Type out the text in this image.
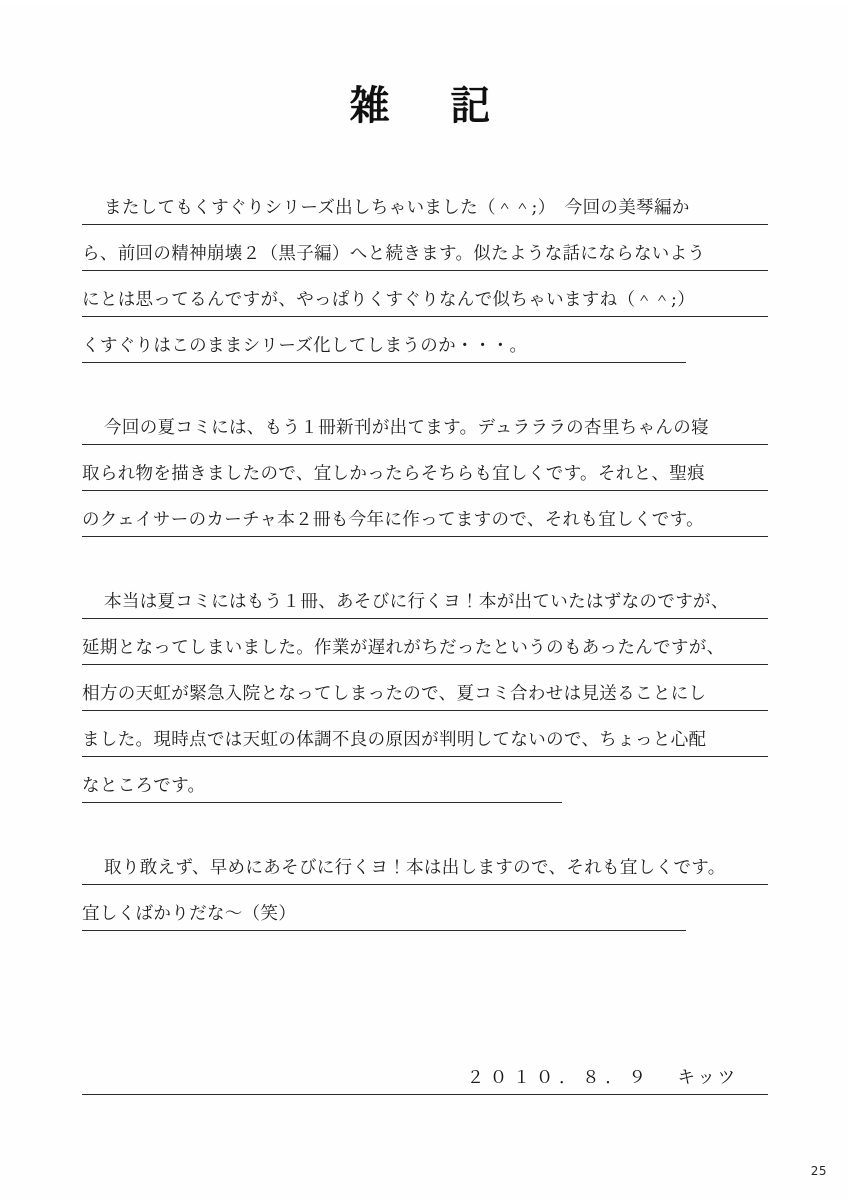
雑 記
またしてもくすぐりシリーズ出しちゃいました（＾＾;）　今回の美琴編か
ら、前回の精神崩壊２（黒子編）へと続きます。似たような話にならないよう
にとは思ってるんですが、やっぱりくすぐりなんで似ちゃいますね（＾＾;）
くすぐりはこのままシリーズ化してしまうのか・・・。
今回の夏コミには、もう１冊新刊が出てます。デュラララの杏里ちゃんの寝
取られ物を描きましたので、宜しかったらそちらも宜しくです。それと、聖痕
のクェイサーのカーチャ本２冊も今年に作ってますので、それも宜しくです。
本当は夏コミにはもう１冊、あそびに行くヨ！本が出ていたはずなのですが、
延期となってしまいました。作業が遅れがちだったというのもあったんですが、
相方の天虹が緊急入院となってしまったので、夏コミ合わせは見送ることにし
ました。現時点では天虹の体調不良の原因が判明してないので、ちょっと心配
なところです。
取り敢えず、早めにあそびに行くヨ！本は出しますので、それも宜しくです。
宜しくばかりだな〜（笑）
２０１０．８．９ キッツ
25
